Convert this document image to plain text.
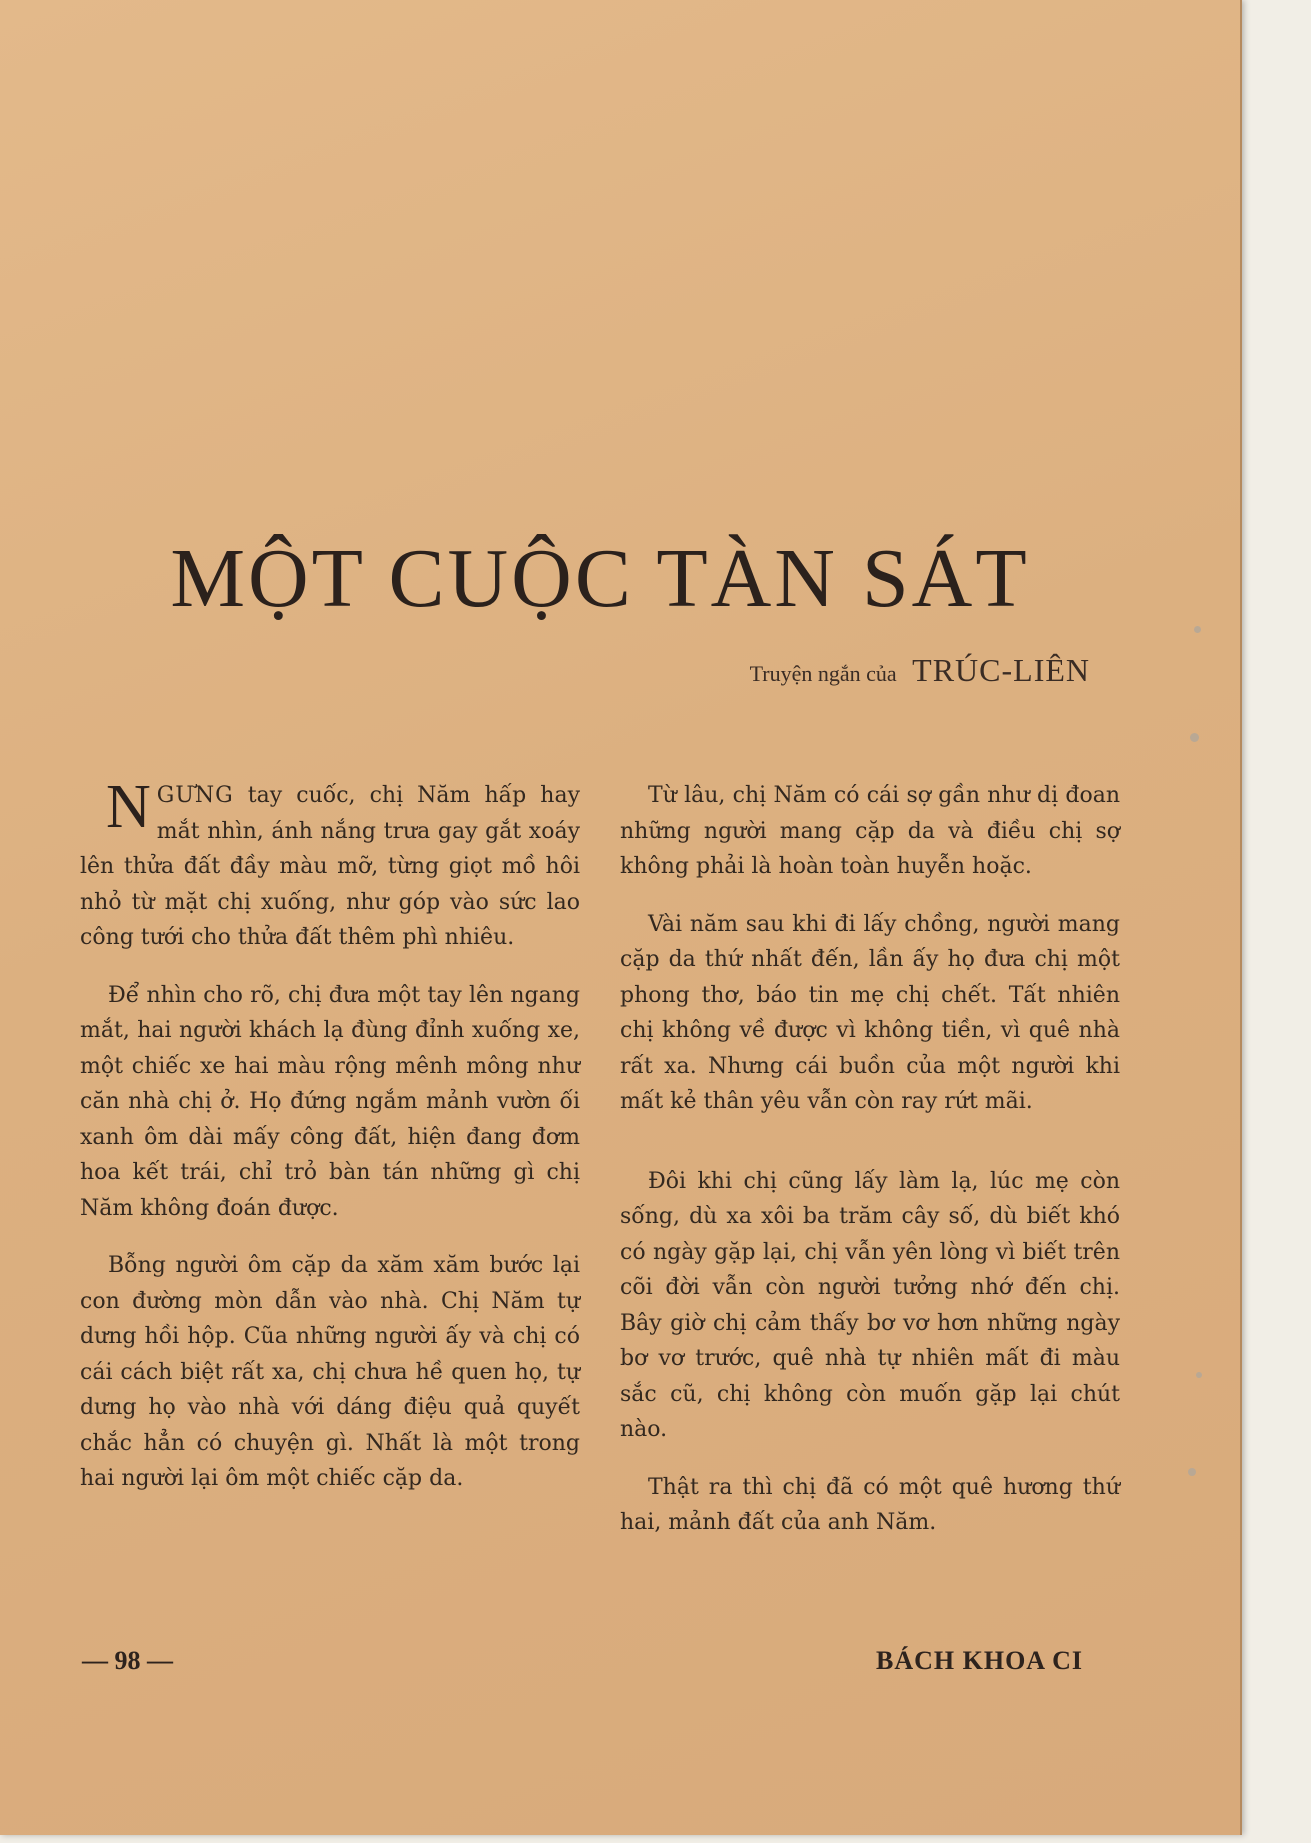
MỘT CUỘC TÀN SÁT
Truyện ngắn của TRÚC-LIÊN

NGƯNG tay cuốc, chị Năm hấp hay mắt nhìn, ánh nắng trưa gay gắt xoáy lên thửa đất đầy màu mỡ, từng giọt mồ hôi nhỏ từ mặt chị xuống, như góp vào sức lao công tưới cho thửa đất thêm phì nhiêu.

Để nhìn cho rõ, chị đưa một tay lên ngang mắt, hai người khách lạ đùng đỉnh xuống xe, một chiếc xe hai màu rộng mênh mông như căn nhà chị ở. Họ đứng ngắm mảnh vườn ối xanh ôm dài mấy công đất, hiện đang đơm hoa kết trái, chỉ trỏ bàn tán những gì chị Năm không đoán được.

Bỗng người ôm cặp da xăm xăm bước lại con đường mòn dẫn vào nhà. Chị Năm tự dưng hồi hộp. Cũa những người ấy và chị có cái cách biệt rất xa, chị chưa hề quen họ, tự dưng họ vào nhà với dáng điệu quả quyết chắc hẳn có chuyện gì. Nhất là một trong hai người lại ôm một chiếc cặp da.

Từ lâu, chị Năm có cái sợ gần như dị đoan những người mang cặp da và điều chị sợ không phải là hoàn toàn huyễn hoặc.

Vài năm sau khi đi lấy chồng, người mang cặp da thứ nhất đến, lần ấy họ đưa chị một phong thơ, báo tin mẹ chị chết. Tất nhiên chị không về được vì không tiền, vì quê nhà rất xa. Nhưng cái buồn của một người khi mất kẻ thân yêu vẫn còn ray rứt mãi.

Đôi khi chị cũng lấy làm lạ, lúc mẹ còn sống, dù xa xôi ba trăm cây số, dù biết khó có ngày gặp lại, chị vẫn yên lòng vì biết trên cõi đời vẫn còn người tưởng nhớ đến chị. Bây giờ chị cảm thấy bơ vơ hơn những ngày bơ vơ trước, quê nhà tự nhiên mất đi màu sắc cũ, chị không còn muốn gặp lại chút nào.

Thật ra thì chị đã có một quê hương thứ hai, mảnh đất của anh Năm.

— 98 —	BÁCH KHOA CI
